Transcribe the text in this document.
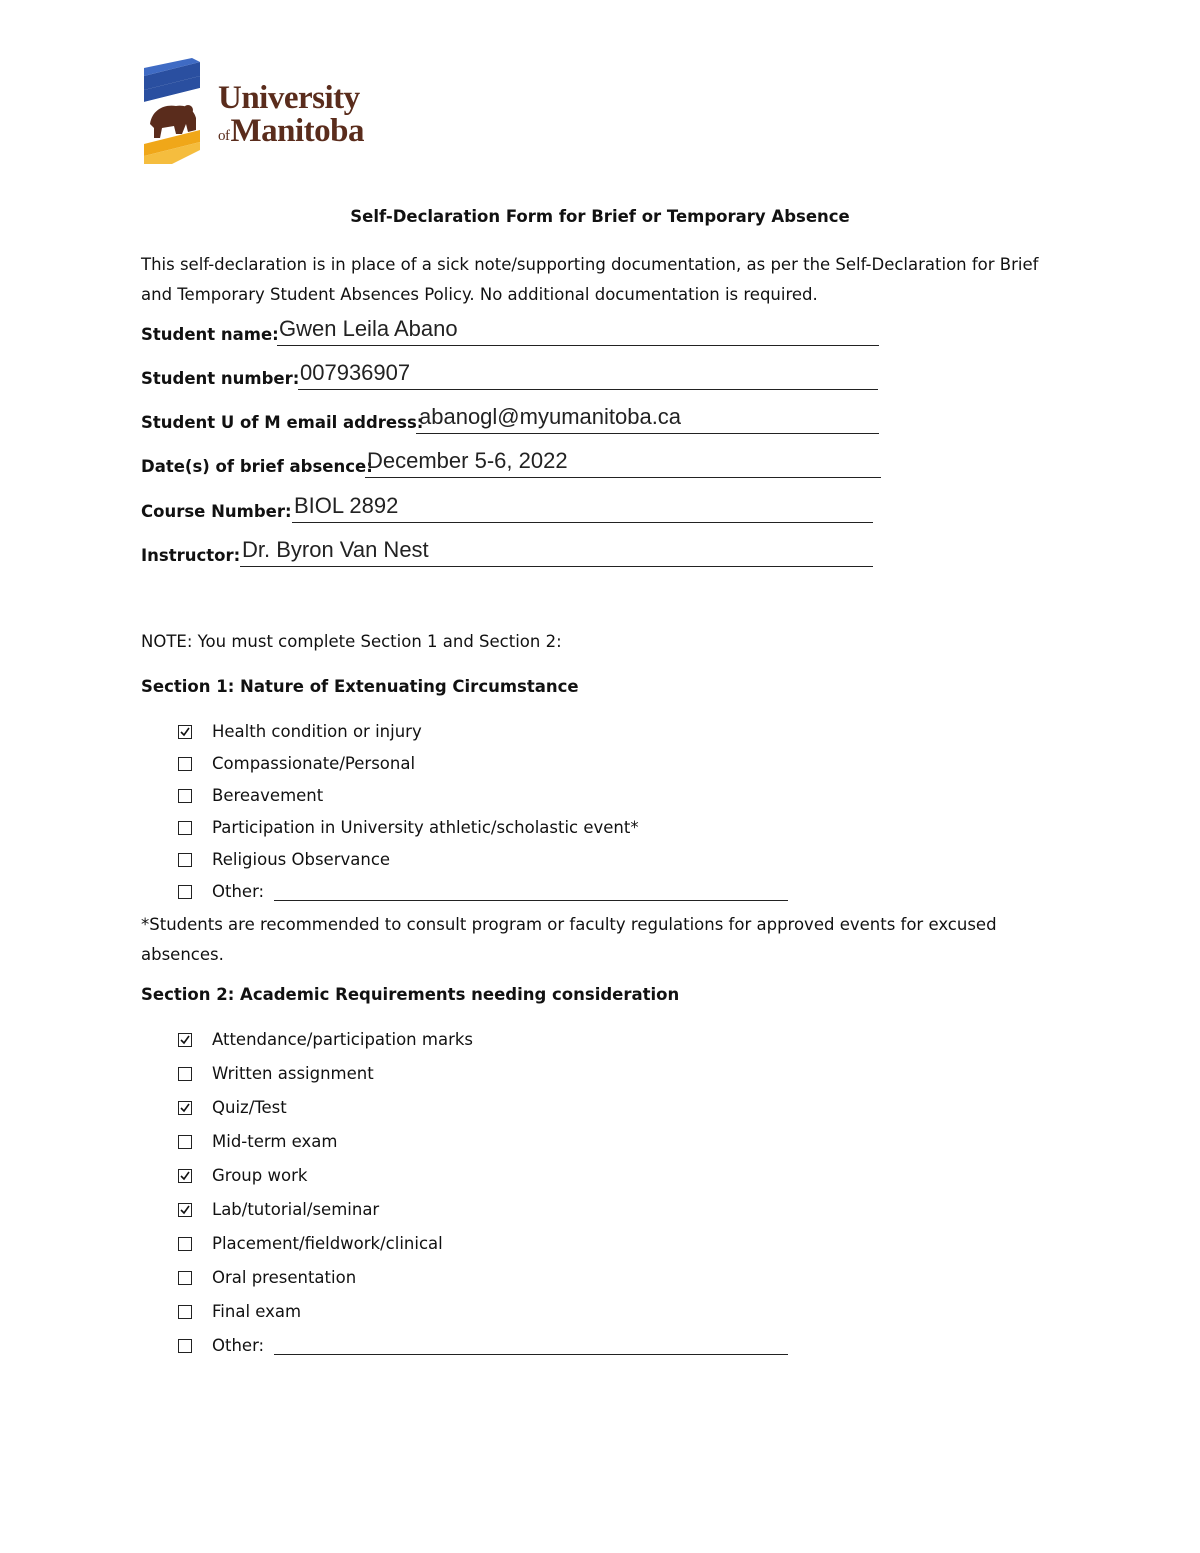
University
ofManitoba
Self-Declaration Form for Brief or Temporary Absence
This self-declaration is in place of a sick note/supporting documentation, as per the Self-Declaration for Brief and Temporary Student Absences Policy. No additional documentation is required.
Student name: Gwen Leila Abano
Student number: 007936907
Student U of M email address:
abanogl@myumanitoba.ca
Date(s) of brief absence:
December 5-6, 2022
Course Number: BIOL 2892
Instructor: Dr. Byron Van Nest
NOTE: You must complete Section 1 and Section 2:
Section 1: Nature of Extenuating Circumstance
Health condition or injury
Compassionate/Personal
Bereavement
Participation in University athletic/scholastic event*
Religious Observance
Other:
*Students are recommended to consult program or faculty regulations for approved events for excused absences.
Section 2: Academic Requirements needing consideration
Attendance/participation marks
Written assignment
Quiz/Test
Mid-term exam
Group work
Lab/tutorial/seminar
Placement/fieldwork/clinical
Oral presentation
Final exam
Other:
